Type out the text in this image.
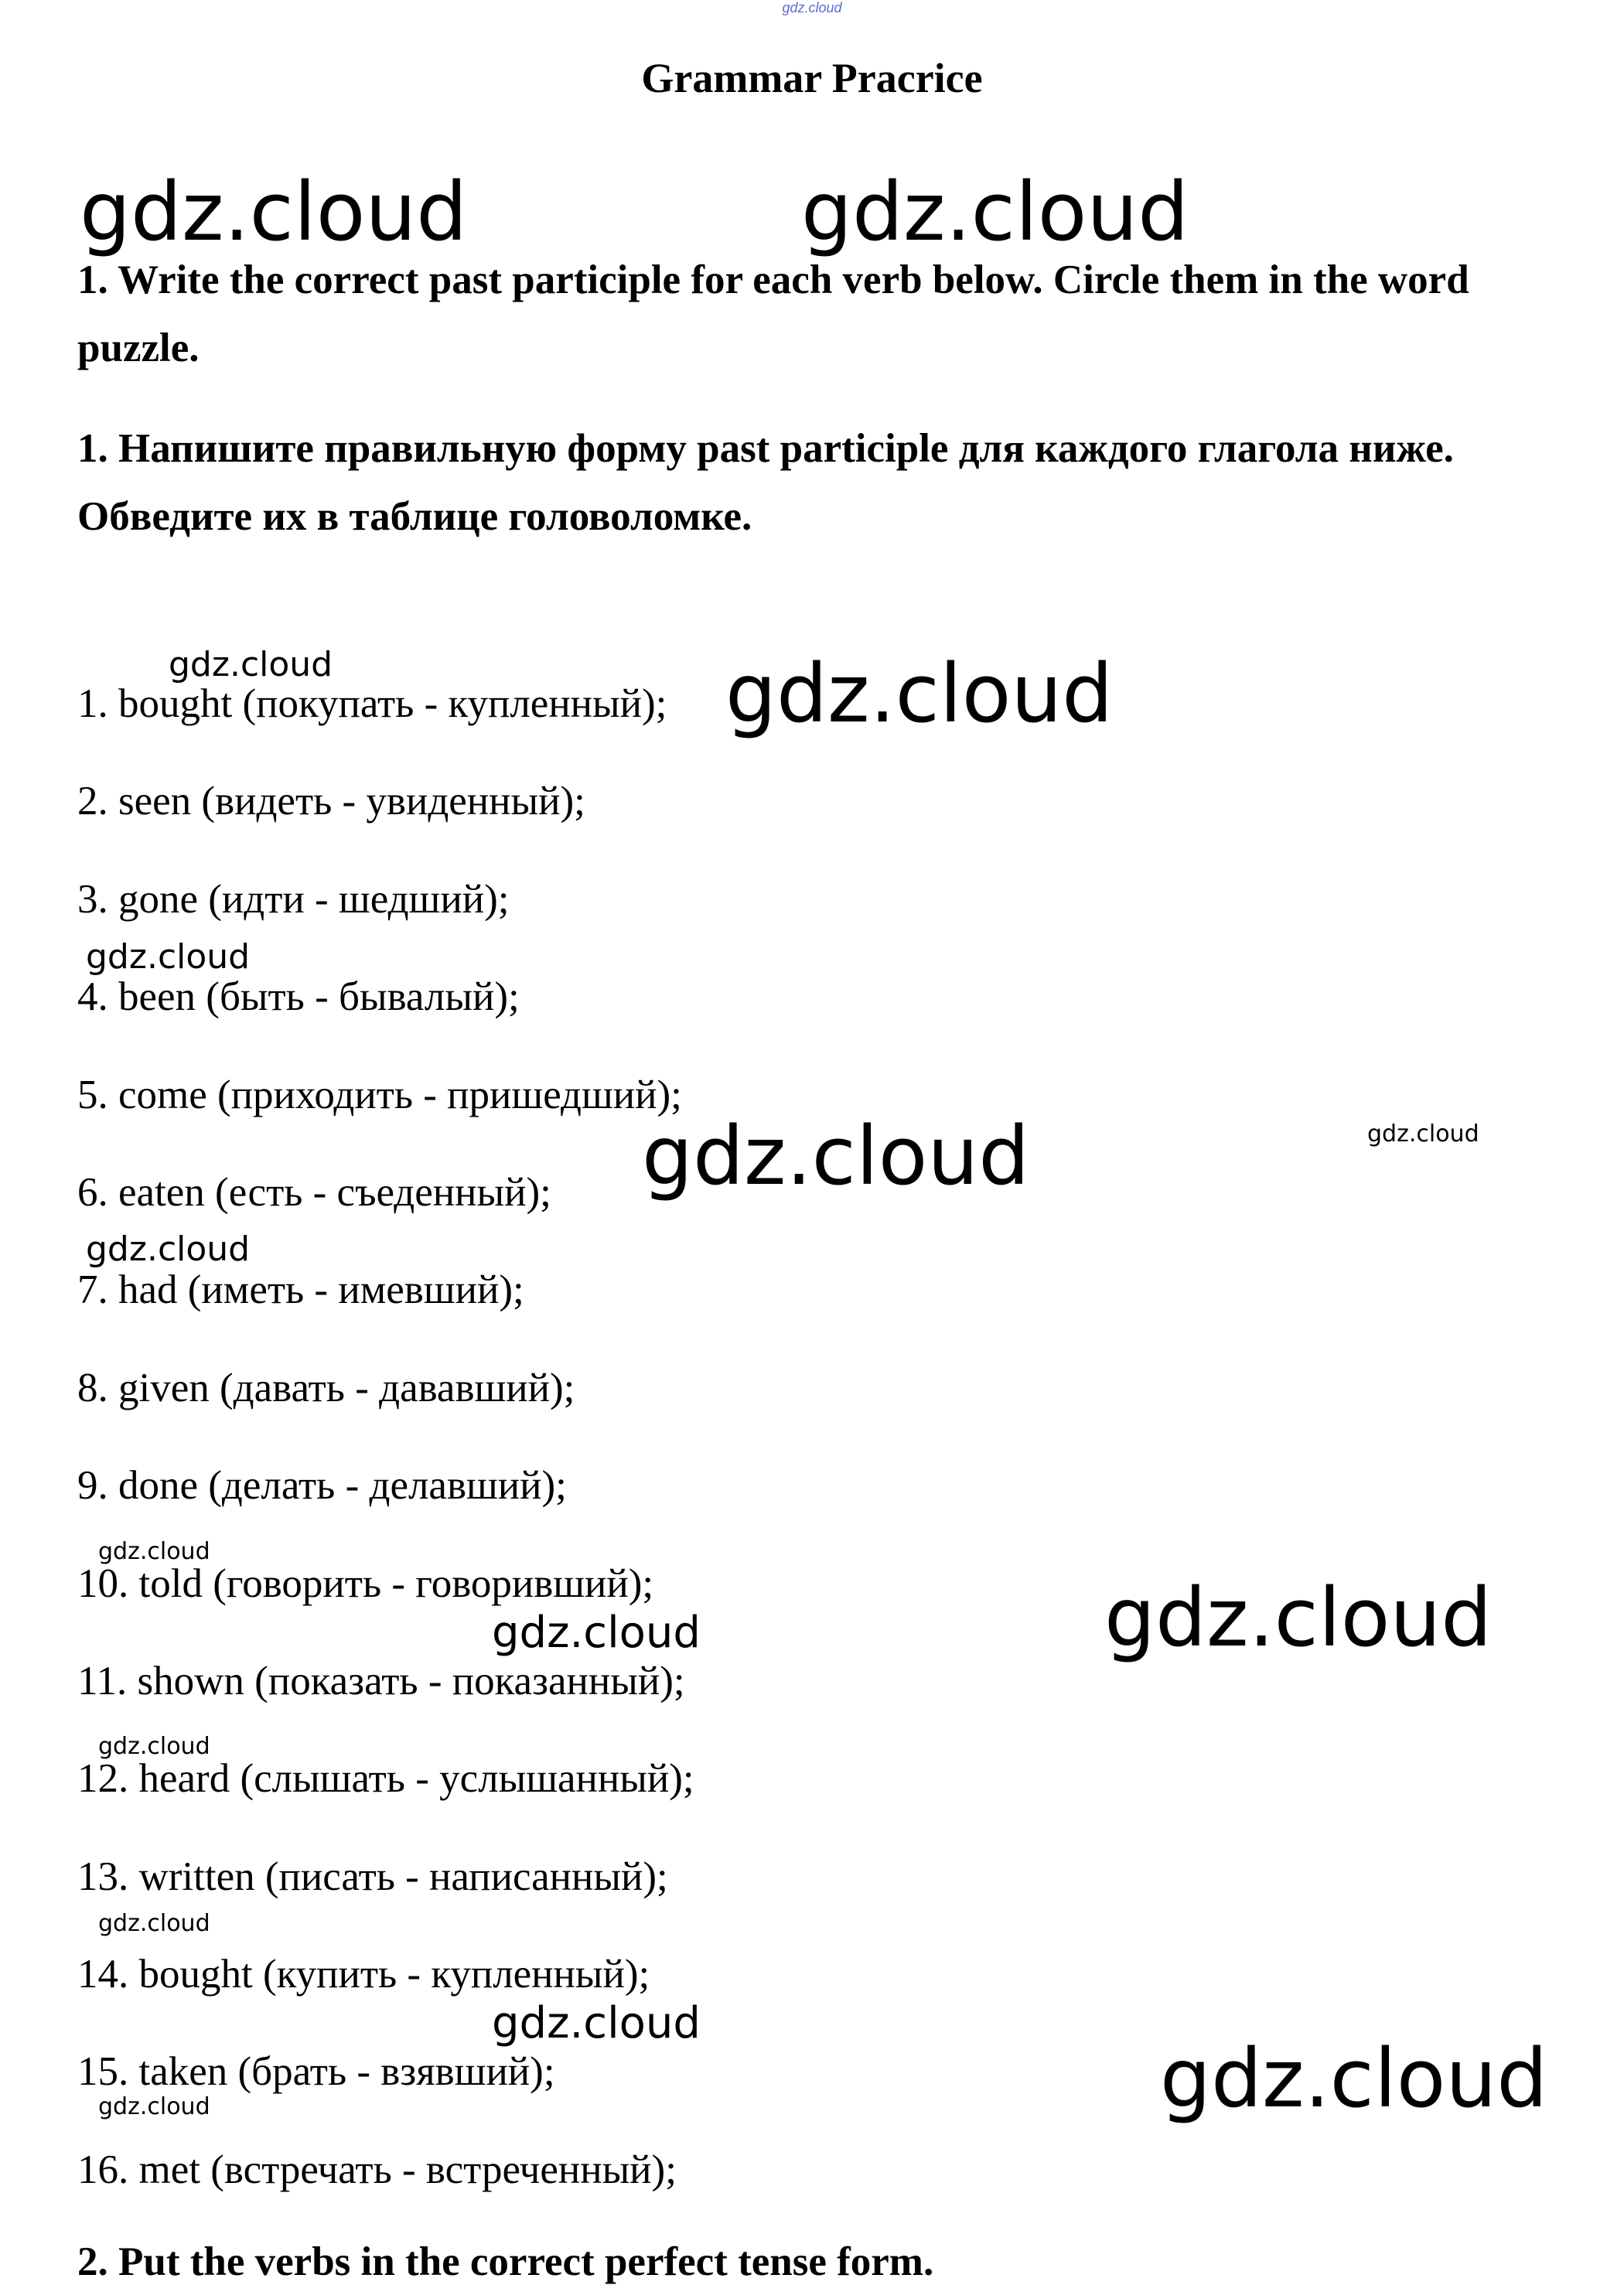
gdz.cloud
Grammar Pracrice
1. Write the correct past participle for each verb below. Circle them in the word puzzle.
1. Напишите правильную форму past participle для каждого глагола ниже. Обведите их в таблице головоломке.
1. bought (покупать - купленный);
2. seen (видеть - увиденный);
3. gone (идти - шедший);
4. been (быть - бывалый);
5. come (приходить - пришедший);
6. eaten (есть - съеденный);
7. had (иметь - имевший);
8. given (давать - дававший);
9. done (делать - делавший);
10. told (говорить - говоривший);
11. shown (показать - показанный);
12. heard (слышать - услышанный);
13. written (писать - написанный);
14. bought (купить - купленный);
15. taken (брать - взявший);
16. met (встречать - встреченный);
2. Put the verbs in the correct perfect tense form.
gdz.cloud	gdz.cloud
gdz.cloud	gdz.cloud
gdz.cloud
gdz.cloud
gdz.cloud
gdz.cloud
gdz.cloud
gdz.cloud	gdz.cloud
gdz.cloud
gdz.cloud
gdz.cloud
gdz.cloud
gdz.cloud
